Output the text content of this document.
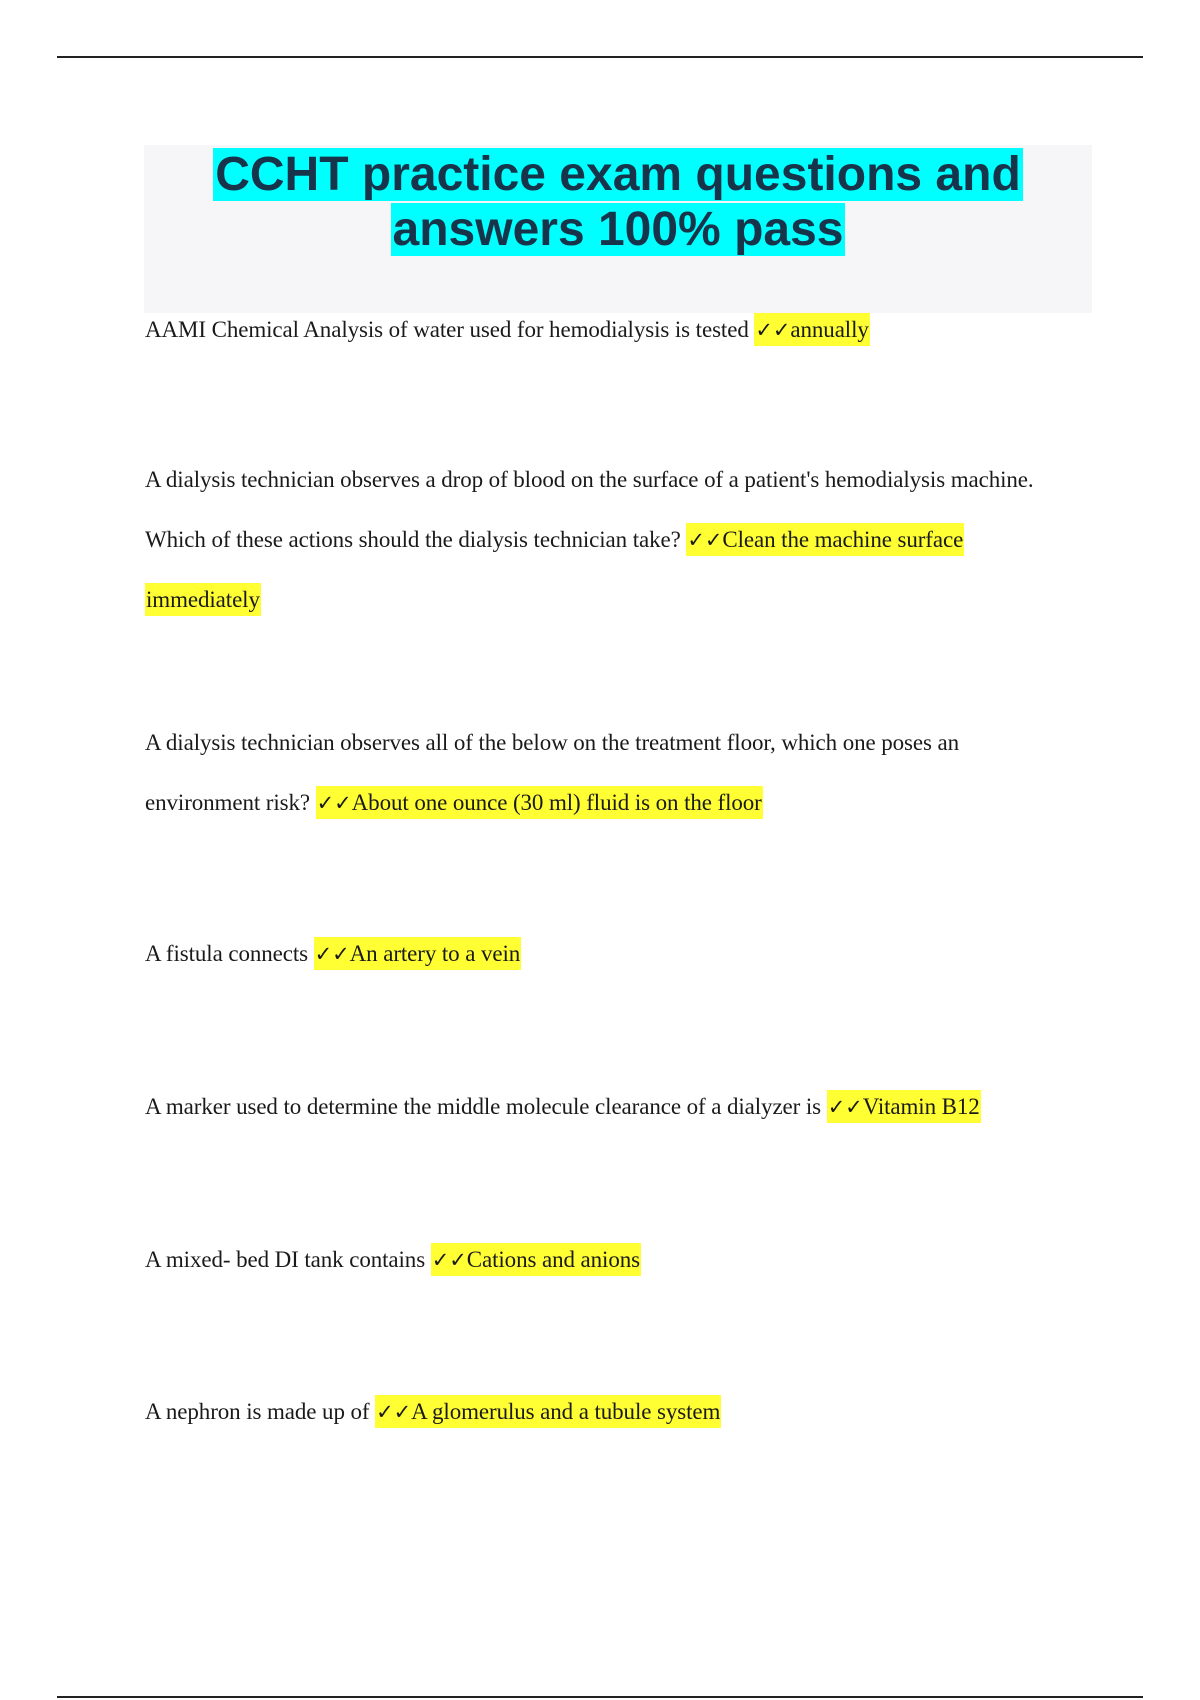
CCHT practice exam questions and answers 100% pass

AAMI Chemical Analysis of water used for hemodialysis is tested ✓✓annually

A dialysis technician observes a drop of blood on the surface of a patient's hemodialysis machine. Which of these actions should the dialysis technician take? ✓✓Clean the machine surface immediately

A dialysis technician observes all of the below on the treatment floor, which one poses an environment risk? ✓✓About one ounce (30 ml) fluid is on the floor

A fistula connects ✓✓An artery to a vein

A marker used to determine the middle molecule clearance of a dialyzer is ✓✓Vitamin B12

A mixed- bed DI tank contains ✓✓Cations and anions

A nephron is made up of ✓✓A glomerulus and a tubule system
